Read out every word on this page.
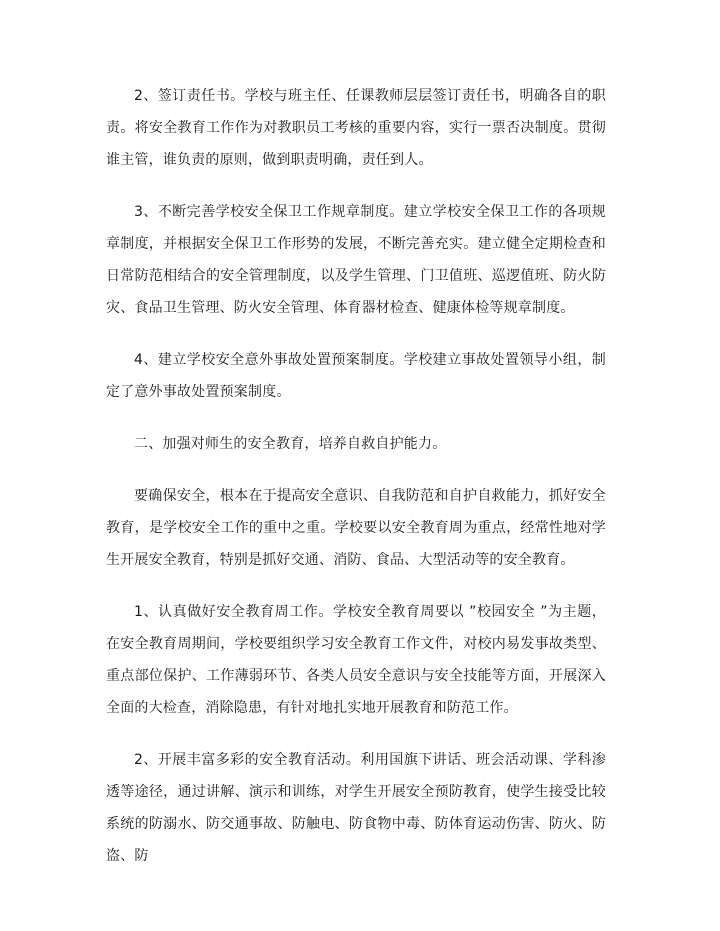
2、签订责任书。学校与班主任、任课教师层层签订责任书，明确各自的职责。将安全教育工作作为对教职员工考核的重要内容，实行一票否决制度。贯彻谁主管，谁负责的原则，做到职责明确，责任到人。

3、不断完善学校安全保卫工作规章制度。建立学校安全保卫工作的各项规章制度，并根据安全保卫工作形势的发展，不断完善充实。建立健全定期检查和日常防范相结合的安全管理制度，以及学生管理、门卫值班、巡逻值班、防火防灾、食品卫生管理、防火安全管理、体育器材检查、健康体检等规章制度。

4、建立学校安全意外事故处置预案制度。学校建立事故处置领导小组，制定了意外事故处置预案制度。

二、加强对师生的安全教育，培养自救自护能力。

要确保安全，根本在于提高安全意识、自我防范和自护自救能力，抓好安全教育，是学校安全工作的重中之重。学校要以安全教育周为重点，经常性地对学生开展安全教育，特别是抓好交通、消防、食品、大型活动等的安全教育。

1、认真做好安全教育周工作。学校安全教育周要以 ”校园安全 ”为主题，在安全教育周期间，学校要组织学习安全教育工作文件，对校内易发事故类型、重点部位保护、工作薄弱环节、各类人员安全意识与安全技能等方面，开展深入全面的大检查，消除隐患，有针对地扎实地开展教育和防范工作。

2、开展丰富多彩的安全教育活动。利用国旗下讲话、班会活动课、学科渗透等途径，通过讲解、演示和训练，对学生开展安全预防教育，使学生接受比较系统的防溺水、防交通事故、防触电、防食物中毒、防体育运动伤害、防火、防盗、防
